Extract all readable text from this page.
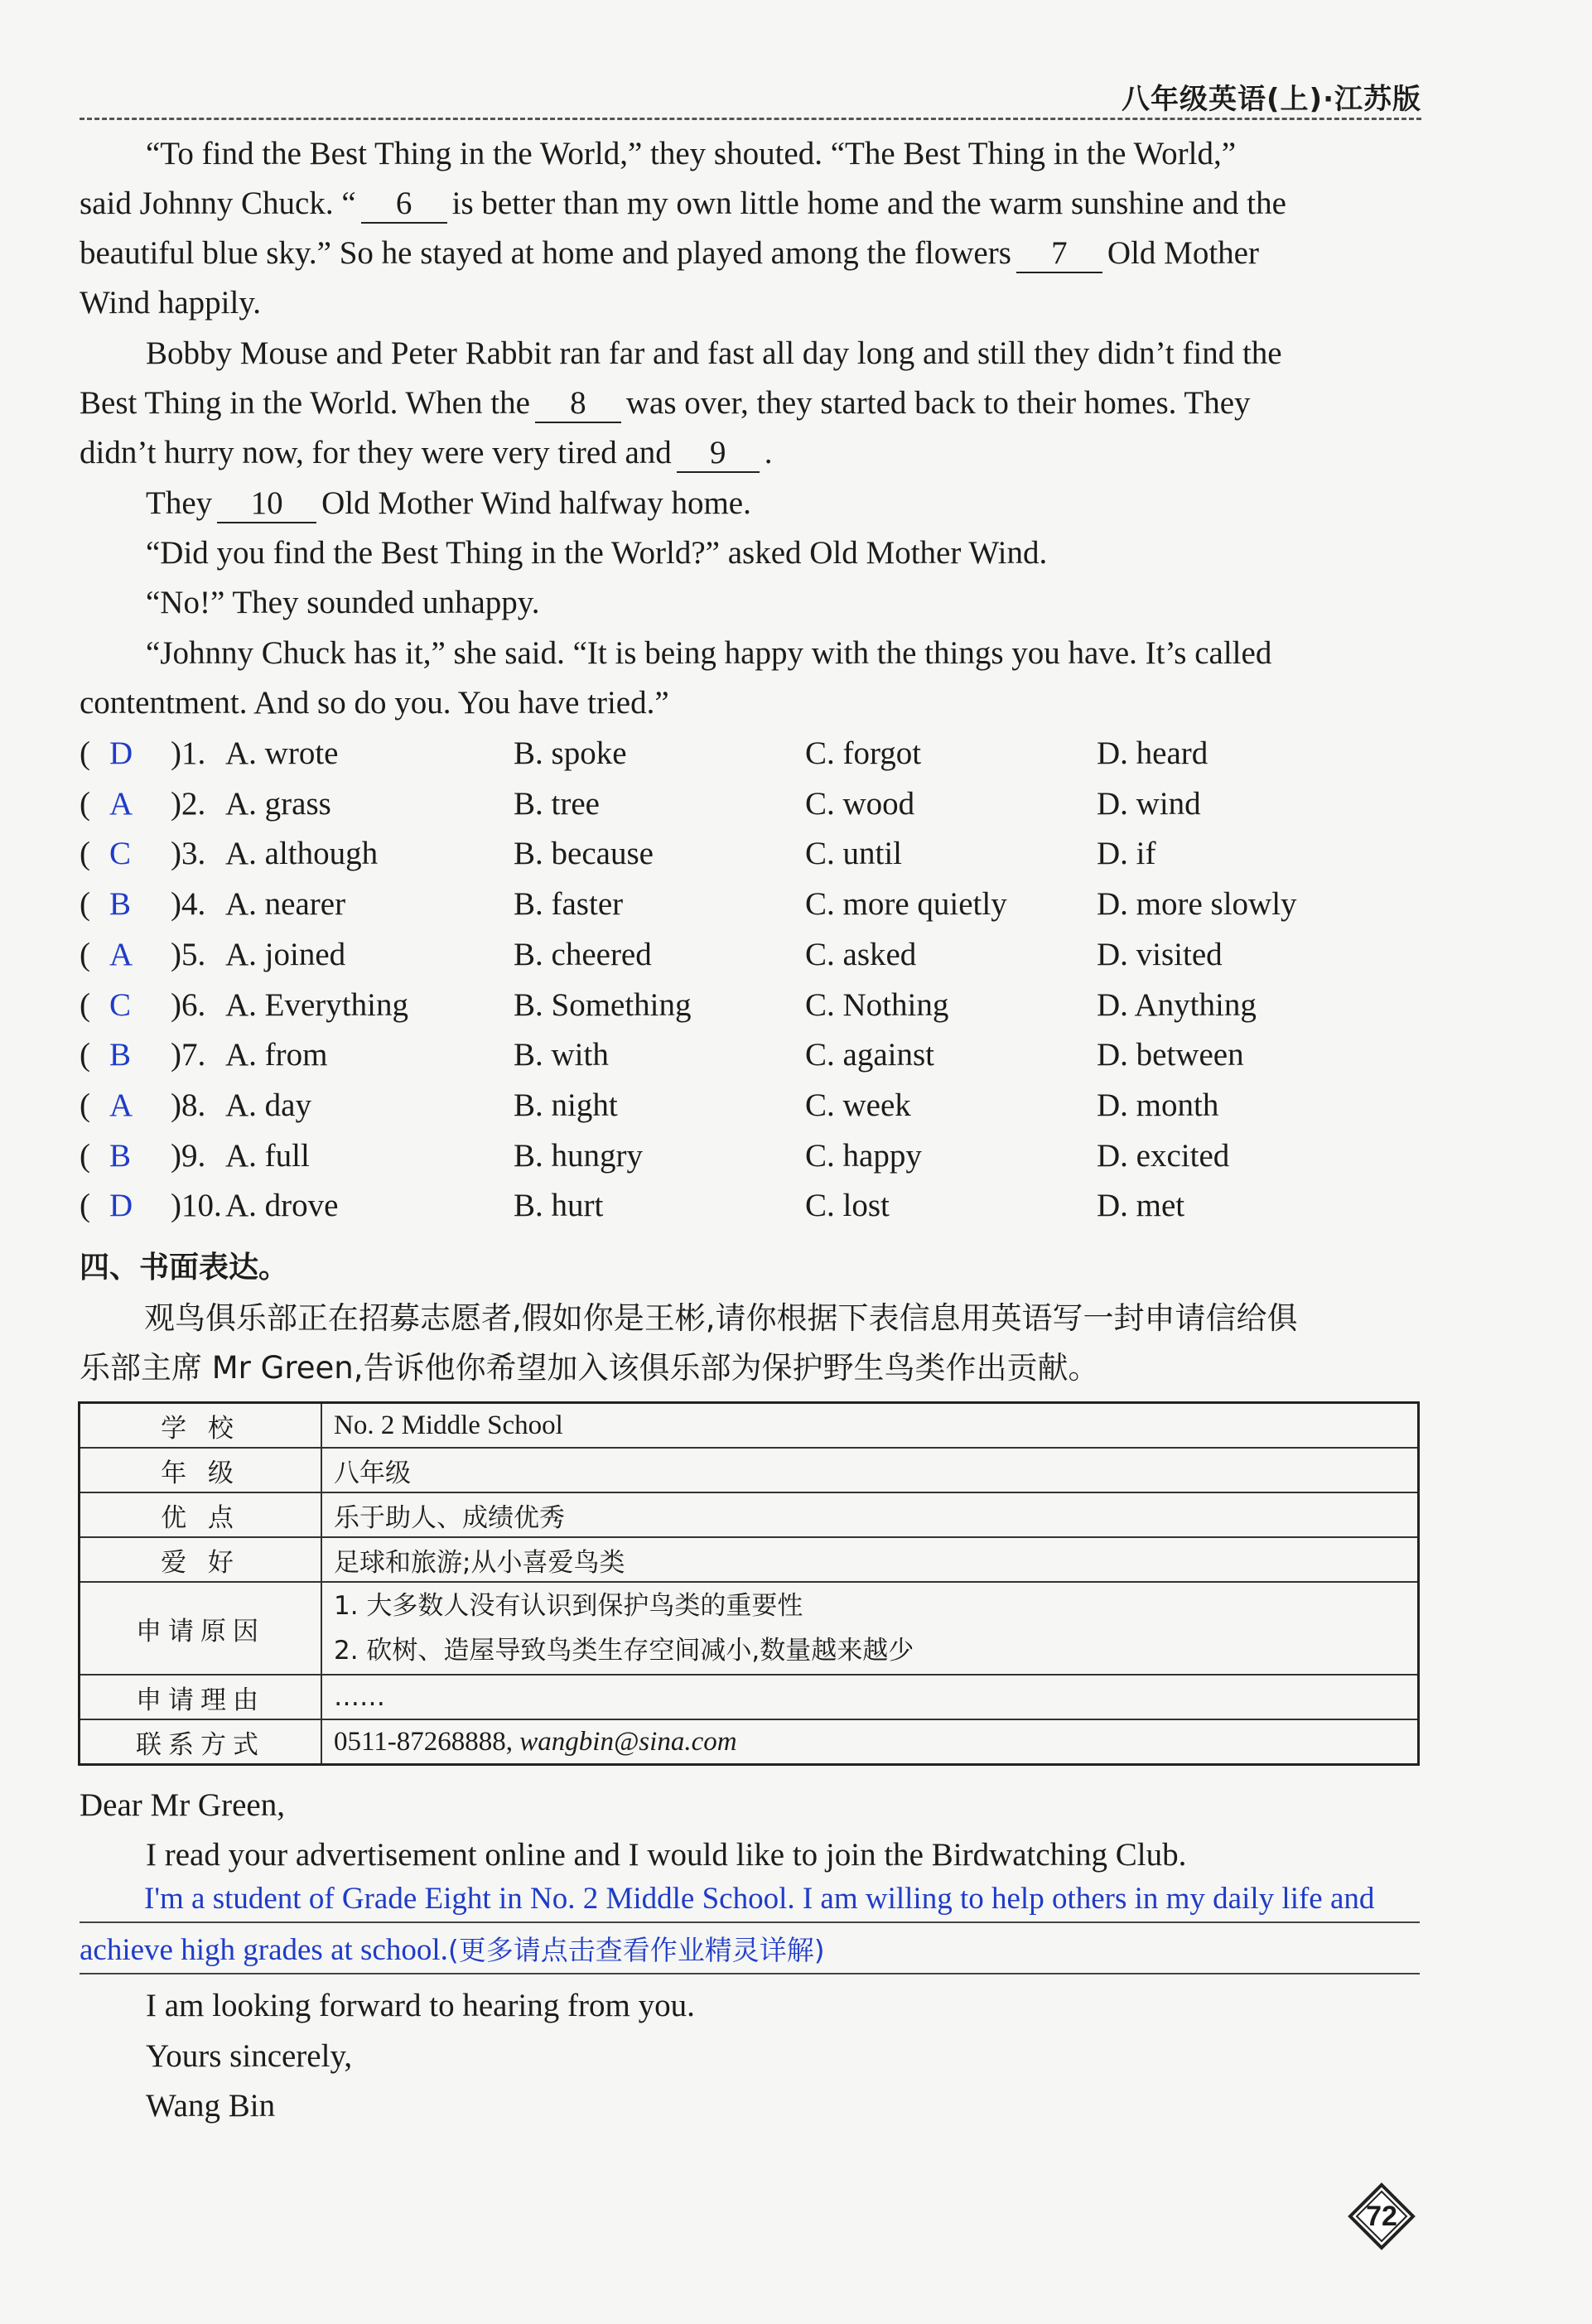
八年级英语(上)·江苏版
“To find the Best Thing in the World,” they shouted. “The Best Thing in the World,”
said Johnny Chuck. “ 6 is better than my own little home and the warm sunshine and the
beautiful blue sky.” So he stayed at home and played among the flowers 7 Old Mother
Wind happily.
Bobby Mouse and Peter Rabbit ran far and fast all day long and still they didn’t find the
Best Thing in the World. When the 8 was over, they started back to their homes. They
didn’t hurry now, for they were very tired and 9 .
They 10 Old Mother Wind halfway home.
“Did you find the Best Thing in the World?” asked Old Mother Wind.
“No!” They sounded unhappy.
“Johnny Chuck has it,” she said. “It is being happy with the things you have. It’s called
contentment. And so do you. You have tried.”
( D )1. A. wrote	B. spoke	C. forgot	D. heard
( A )2. A. grass	B. tree	C. wood	D. wind
( C )3. A. although	B. because	C. until	D. if
( B )4. A. nearer	B. faster	C. more quietly	D. more slowly
( A )5. A. joined	B. cheered	C. asked	D. visited
( C )6. A. Everything	B. Something	C. Nothing	D. Anything
( B )7. A. from	B. with	C. against	D. between
( A )8. A. day	B. night	C. week	D. month
( B )9. A. full	B. hungry	C. happy	D. excited
( D )10. A. drove	B. hurt	C. lost	D. met
四、书面表达。
观鸟俱乐部正在招募志愿者,假如你是王彬,请你根据下表信息用英语写一封申请信给俱
乐部主席 Mr Green,告诉他你希望加入该俱乐部为保护野生鸟类作出贡献。
学 校	No. 2 Middle School
年 级	八年级
优 点	乐于助人、成绩优秀
爱 好	足球和旅游;从小喜爱鸟类
申请原因	1. 大多数人没有认识到保护鸟类的重要性
2. 砍树、造屋导致鸟类生存空间减小,数量越来越少

申请理由	……
联系方式	0511-87268888, wangbin@sina.com
Dear Mr Green,
I read your advertisement online and I would like to join the Birdwatching Club.
I'm a student of Grade Eight in No. 2 Middle School. I am willing to help others in my daily life and
achieve high grades at school.(更多请点击查看作业精灵详解)
I am looking forward to hearing from you.
Yours sincerely,
Wang Bin
72
